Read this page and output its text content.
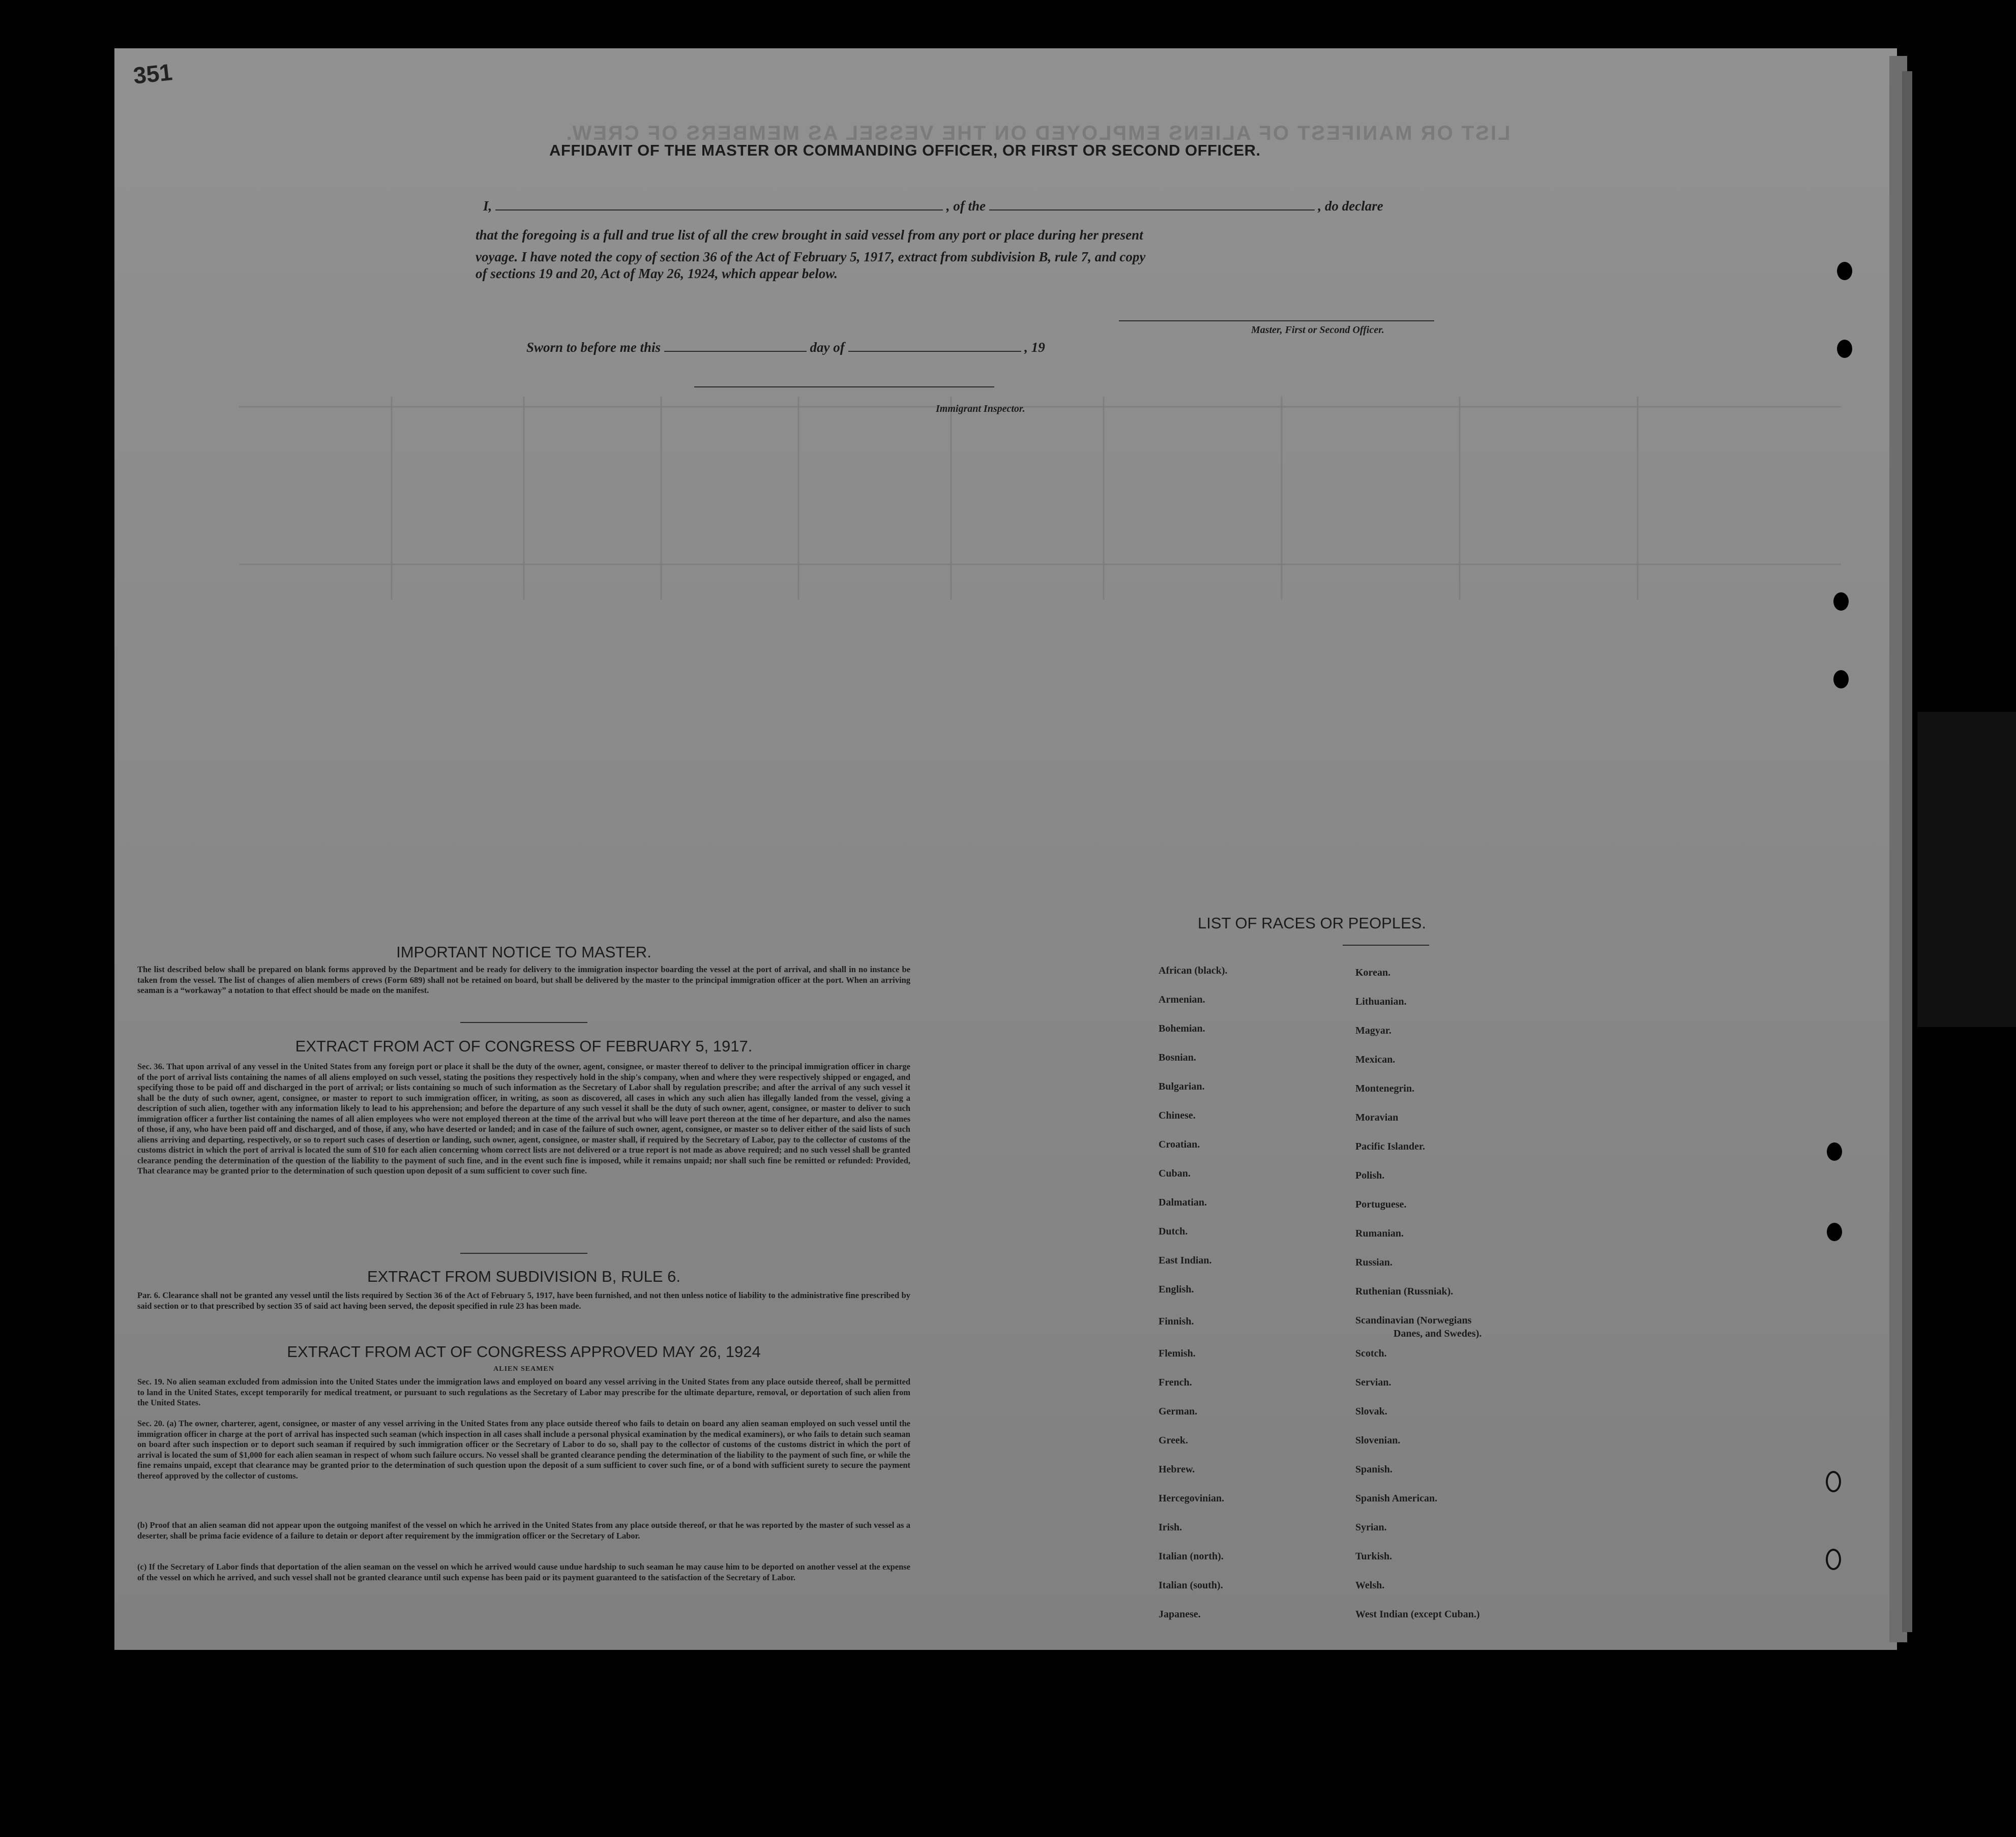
351
LIST OR MANIFEST OF ALIENS EMPLOYED ON THE VESSEL AS MEMBERS OF CREW.
AFFIDAVIT OF THE MASTER OR COMMANDING OFFICER, OR FIRST OR SECOND OFFICER.
I,	, of the	, do declare
that the foregoing is a full and true list of all the crew brought in said vessel from any port or place during her present
voyage. I have noted the copy of section 36 of the Act of February 5, 1917, extract from subdivision B, rule 7, and copy
of sections 19 and 20, Act of May 26, 1924, which appear below.
Master, First or Second Officer.
Sworn to before me this	day of	, 19
Immigrant Inspector.
IMPORTANT NOTICE TO MASTER.
The list described below shall be prepared on blank forms approved by the Department and be ready for delivery to the immigration inspector boarding the vessel at the port of arrival, and shall in no instance be taken from the vessel. The list of changes of alien members of crews (Form 689) shall not be retained on board, but shall be delivered by the master to the principal immigration officer at the port. When an arriving seaman is a “workaway” a notation to that effect should be made on the manifest.
EXTRACT FROM ACT OF CONGRESS OF FEBRUARY 5, 1917.
Sec. 36. That upon arrival of any vessel in the United States from any foreign port or place it shall be the duty of the owner, agent, consignee, or master thereof to deliver to the principal immigration officer in charge of the port of arrival lists containing the names of all aliens employed on such vessel, stating the positions they respectively hold in the ship's company, when and where they were respectively shipped or engaged, and specifying those to be paid off and discharged in the port of arrival; or lists containing so much of such information as the Secretary of Labor shall by regulation prescribe; and after the arrival of any such vessel it shall be the duty of such owner, agent, consignee, or master to report to such immigration officer, in writing, as soon as discovered, all cases in which any such alien has illegally landed from the vessel, giving a description of such alien, together with any information likely to lead to his apprehension; and before the departure of any such vessel it shall be the duty of such owner, agent, consignee, or master to deliver to such immigration officer a further list containing the names of all alien employees who were not employed thereon at the time of the arrival but who will leave port thereon at the time of her departure, and also the names of those, if any, who have been paid off and discharged, and of those, if any, who have deserted or landed; and in case of the failure of such owner, agent, consignee, or master so to deliver either of the said lists of such aliens arriving and departing, respectively, or so to report such cases of desertion or landing, such owner, agent, consignee, or master shall, if required by the Secretary of Labor, pay to the collector of customs of the customs district in which the port of arrival is located the sum of $10 for each alien concerning whom correct lists are not delivered or a true report is not made as above required; and no such vessel shall be granted clearance pending the determination of the question of the liability to the payment of such fine, and in the event such fine is imposed, while it remains unpaid; nor shall such fine be remitted or refunded: Provided, That clearance may be granted prior to the determination of such question upon deposit of a sum sufficient to cover such fine.
EXTRACT FROM SUBDIVISION B, RULE 6.
Par. 6. Clearance shall not be granted any vessel until the lists required by Section 36 of the Act of February 5, 1917, have been furnished, and not then unless notice of liability to the administrative fine prescribed by said section or to that prescribed by section 35 of said act having been served, the deposit specified in rule 23 has been made.
EXTRACT FROM ACT OF CONGRESS APPROVED MAY 26, 1924
ALIEN SEAMEN
Sec. 19. No alien seaman excluded from admission into the United States under the immigration laws and employed on board any vessel arriving in the United States from any place outside thereof, shall be permitted to land in the United States, except temporarily for medical treatment, or pursuant to such regulations as the Secretary of Labor may prescribe for the ultimate departure, removal, or deportation of such alien from the United States.
Sec. 20. (a) The owner, charterer, agent, consignee, or master of any vessel arriving in the United States from any place outside thereof who fails to detain on board any alien seaman employed on such vessel until the immigration officer in charge at the port of arrival has inspected such seaman (which inspection in all cases shall include a personal physical examination by the medical examiners), or who fails to detain such seaman on board after such inspection or to deport such seaman if required by such immigration officer or the Secretary of Labor to do so, shall pay to the collector of customs of the customs district in which the port of arrival is located the sum of $1,000 for each alien seaman in respect of whom such failure occurs. No vessel shall be granted clearance pending the determination of the liability to the payment of such fine, or while the fine remains unpaid, except that clearance may be granted prior to the determination of such question upon the deposit of a sum sufficient to cover such fine, or of a bond with sufficient surety to secure the payment thereof approved by the collector of customs.
(b) Proof that an alien seaman did not appear upon the outgoing manifest of the vessel on which he arrived in the United States from any place outside thereof, or that he was reported by the master of such vessel as a deserter, shall be prima facie evidence of a failure to detain or deport after requirement by the immigration officer or the Secretary of Labor.
(c) If the Secretary of Labor finds that deportation of the alien seaman on the vessel on which he arrived would cause undue hardship to such seaman he may cause him to be deported on another vessel at the expense of the vessel on which he arrived, and such vessel shall not be granted clearance until such expense has been paid or its payment guaranteed to the satisfaction of the Secretary of Labor.
LIST OF RACES OR PEOPLES.
African (black).
Armenian.
Bohemian.
Bosnian.
Bulgarian.
Chinese.
Croatian.
Cuban.
Dalmatian.
Dutch.
East Indian.
English.
Finnish.
Flemish.
French.
German.
Greek.
Hebrew.
Hercegovinian.
Irish.
Italian (north).
Italian (south).
Japanese.
Korean.
Lithuanian.
Magyar.
Mexican.
Montenegrin.
Moravian
Pacific Islander.
Polish.
Portuguese.
Rumanian.
Russian.
Ruthenian (Russniak).
Scandinavian (Norwegians
Danes, and Swedes).
Scotch.
Servian.
Slovak.
Slovenian.
Spanish.
Spanish American.
Syrian.
Turkish.
Welsh.
West Indian (except Cuban.)
